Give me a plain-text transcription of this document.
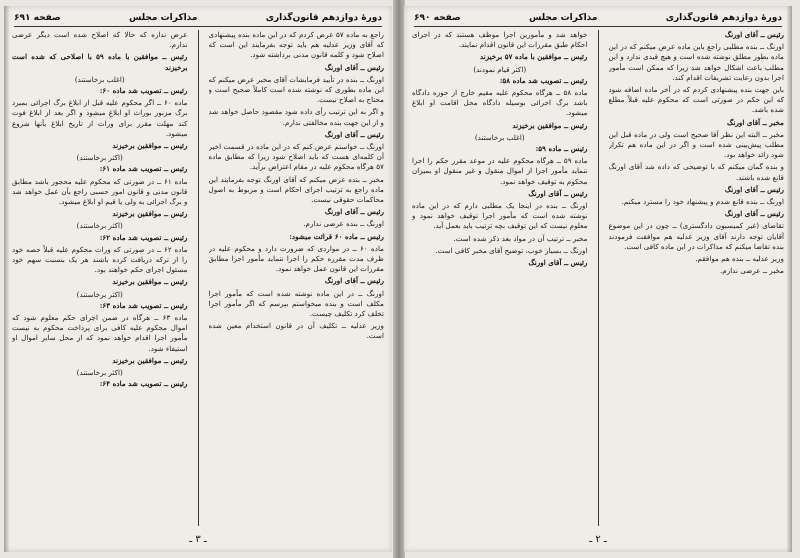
دورهٔ دوازدهم قانون‌گذاری
مذاکرات مجلس
صفحه ۶۹۱

راجع به ماده ۵۷ عرض کردم که در این ماده بنده پیشنهادی که آقای وزیر عدلیه هم باید توجه بفرمایند این است که اصلاح شود و کلمه قانون مدنی برداشته شود.

رئیس ــ آقای اورنگ

اورنگ ــ بنده در تأیید فرمایشات آقای مخبر عرض میکنم که این ماده بطوری که نوشته شده است کاملاً صحیح است و محتاج به اصلاح نیست.

و اگر به این ترتیب رأی داده شود مقصود حاصل خواهد شد و از این جهت بنده مخالفتی ندارم.

رئیس ــ آقای اورنگ

اورنگ ــ خواستم عرض کنم که در این ماده در قسمت اخیر آن کلمه‌ای هست که باید اصلاح شود زیرا که مطابق ماده ۵۷ هرگاه محکوم علیه در مقام اعتراض برآید.

مخبر ــ بنده عرض میکنم که آقای اورنگ توجه بفرمایند این ماده راجع به ترتیب اجرای احکام است و مربوط به اصول محاکمات حقوقی نیست.

رئیس ــ آقای اورنگ

اورنگ ــ بنده عرضی ندارم.

رئیس ــ ماده ۶۰ قرائت میشود:

ماده ۶۰ ــ در مواردی که ضرورت دارد و محکوم علیه در ظرف مدت مقرره حکم را اجرا ننماید مأمور اجرا مطابق مقررات این قانون عمل خواهد نمود.

رئیس ــ آقای اورنگ

اورنگ ــ در این ماده نوشته شده است که مأمور اجرا مکلف است و بنده میخواستم بپرسم که اگر مأمور اجرا تخلف کرد تکلیف چیست.

وزیر عدلیه ــ تکلیف آن در قانون استخدام معین شده است.

عرض نداره که حالا که اصلاح شده است دیگر عرضی ندارم.

رئیس ــ موافقین با ماده ۵۹ با اصلاحی که شده است برخیزند

(اغلب برخاستند)

رئیس ــ تصویب شد ماده ۶۰:

ماده ۶۰ ــ اگر محکوم علیه قبل از ابلاغ برگ اجرائی بمیرد برگ مزبور بوراث او ابلاغ میشود و اگر بعد از ابلاغ فوت کند مهلت مقرر برای وراث از تاریخ ابلاغ بآنها شروع میشود.

رئیس ــ موافقین برخیزند

(اکثر برخاستند)

رئیس ــ تصویب شد ماده ۶۱:

ماده ۶۱ ــ در صورتی که محکوم علیه محجور باشد مطابق قانون مدنی و قانون امور حسبی راجع بآن عمل خواهد شد و برگ اجرائی به ولی یا قیم او ابلاغ میشود.

رئیس ــ موافقین برخیزند

(اکثر برخاستند)

رئیس ــ تصویب شد ماده ۶۲:

ماده ۶۲ ــ در صورتی که وراث محکوم علیه قبلاً حصه خود را از ترکه دریافت کرده باشند هر یک بنسبت سهم خود مسئول اجرای حکم خواهند بود.

رئیس ــ موافقین برخیزند

(اکثر برخاستند)

رئیس ــ تصویب شد ماده ۶۳:

ماده ۶۳ ــ هرگاه در ضمن اجرای حکم معلوم شود که اموال محکوم علیه کافی برای پرداخت محکوم به نیست مأمور اجرا اقدام خواهد نمود که از محل سایر اموال او استیفاء شود.

رئیس ــ موافقین برخیزند

(اکثر برخاستند)

رئیس ــ تصویب شد ماده ۶۴:

ـ ۳ ـ
دورهٔ دوازدهم قانون‌گذاری
مذاکرات مجلس
صفحه ۶۹۰

رئیس ــ آقای اورنگ

اورنگ ــ بنده مطلبی راجع باین ماده عرض میکنم که در این ماده بطور مطلق نوشته شده است و هیچ قیدی ندارد و این مطلب باعث اشکال خواهد شد زیرا که ممکن است مأمور اجرا بدون رعایت تشریفات اقدام کند.

باین جهت بنده پیشنهادی کردم که در آخر ماده اضافه شود که این حکم در صورتی است که محکوم علیه قبلاً مطلع شده باشد.

مخبر ــ آقای اورنگ

مخبر ــ البته این نظر آقا صحیح است ولی در ماده قبل این مطلب پیش‌بینی شده است و اگر در این ماده هم تکرار شود زائد خواهد بود.

و بنده گمان میکنم که با توضیحی که داده شد آقای اورنگ قانع شده باشند.

رئیس ــ آقای اورنگ

اورنگ ــ بنده قانع شدم و پیشنهاد خود را مسترد میکنم.

رئیس ــ آقای اورنگ

تقاضای (غیر کمیسیون دادگستری) ــ چون در این موضوع آقایان توجه دارند آقای وزیر عدلیه هم موافقت فرمودند بنده تقاضا میکنم که مذاکرات در این ماده کافی است.

وزیر عدلیه ــ بنده هم موافقم.

مخبر ــ عرضی ندارم.

خواهد شد و مأمورین اجرا موظف هستند که در اجرای احکام طبق مقررات این قانون اقدام نمایند.

رئیس ــ موافقین با ماده ۵۷ برخیزند

(اکثر قیام نمودند)

رئیس ــ تصویب شد ماده ۵۸:

ماده ۵۸ ــ هرگاه محکوم علیه مقیم خارج از حوزه دادگاه باشد برگ اجرائی بوسیله دادگاه محل اقامت او ابلاغ میشود.

رئیس ــ موافقین برخیزند

(اغلب برخاستند)

رئیس ــ ماده ۵۹:

ماده ۵۹ ــ هرگاه محکوم علیه در موعد مقرر حکم را اجرا ننماید مأمور اجرا از اموال منقول و غیر منقول او بمیزان محکوم به توقیف خواهد نمود.

رئیس ــ آقای اورنگ

اورنگ ــ بنده در اینجا یک مطلبی دارم که در این ماده نوشته شده است که مأمور اجرا توقیف خواهد نمود و معلوم نیست که این توقیف بچه ترتیب باید بعمل آید.

مخبر ــ ترتیب آن در مواد بعد ذکر شده است.

اورنگ ــ بسیار خوب، توضیح آقای مخبر کافی است.

رئیس ــ آقای اورنگ

ـ ۲ ـ
